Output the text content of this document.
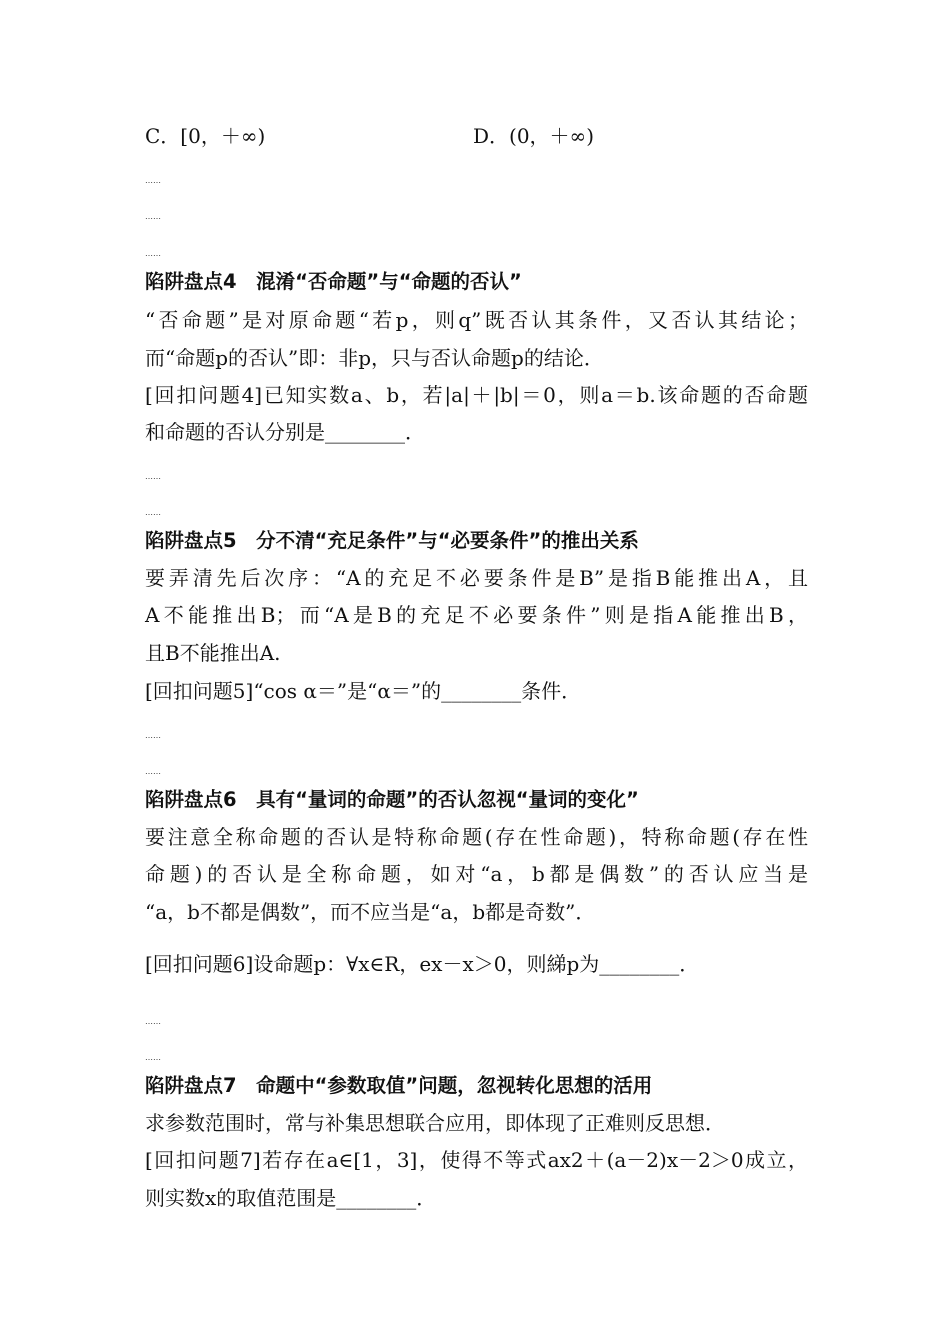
C．[0，＋∞)	D．(0，＋∞)
……
……
……
陷阱盘点4　混淆“否命题”与“命题的否认”
“否命题”是对原命题“若p，则q”既否认其条件，又否认其结论；
而“命题p的否认”即：非p，只与否认命题p的结论．
[回扣问题4]已知实数a、b，若|a|＋|b|＝0，则a＝b.该命题的否命题
和命题的否认分别是________．
……
……
陷阱盘点5　分不清“充足条件”与“必要条件”的推出关系
要弄清先后次序：“A的充足不必要条件是B”是指B能推出A，且
A不能推出B；而“A是B的充足不必要条件”则是指A能推出B，
且B不能推出A.
[回扣问题5]“cos α＝”是“α＝”的________条件．
……
……
陷阱盘点6　具有“量词的命题”的否认忽视“量词的变化”
要注意全称命题的否认是特称命题(存在性命题)，特称命题(存在性
命题)的否认是全称命题，如对“a，b都是偶数”的否认应当是
“a，b不都是偶数”，而不应当是“a，b都是奇数”．
[回扣问题6]设命题p：∀x∈R，ex－x＞0，则綈p为________．
……
……
陷阱盘点7　命题中“参数取值”问题，忽视转化思想的活用
求参数范围时，常与补集思想联合应用，即体现了正难则反思想．
[回扣问题7]若存在a∈[1，3]，使得不等式ax2＋(a－2)x－2＞0成立，
则实数x的取值范围是________．
